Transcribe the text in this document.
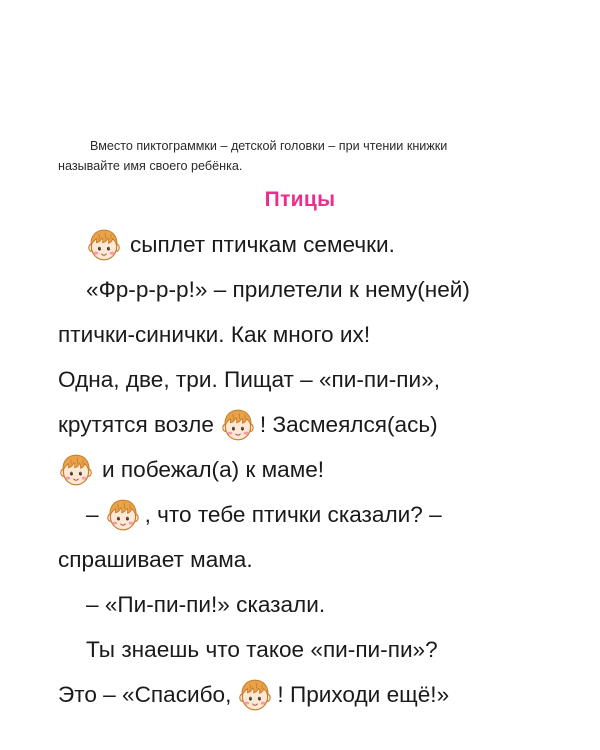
Вместо пиктограммки – детской головки – при чтении книжки
называйте имя своего ребёнка.
Птицы
сыплет птичкам семечки.
«Фр-р-р-р!» – прилетели к нему(ней)
птички-синички. Как много их!
Одна, две, три. Пищат – «пи-пи-пи»,
крутятся возле ! Засмеялся(ась)
и побежал(а) к маме!
– , что тебе птички сказали? –
спрашивает мама.
– «Пи-пи-пи!» сказали.
Ты знаешь что такое «пи-пи-пи»?
Это – «Спасибо, ! Приходи ещё!»
